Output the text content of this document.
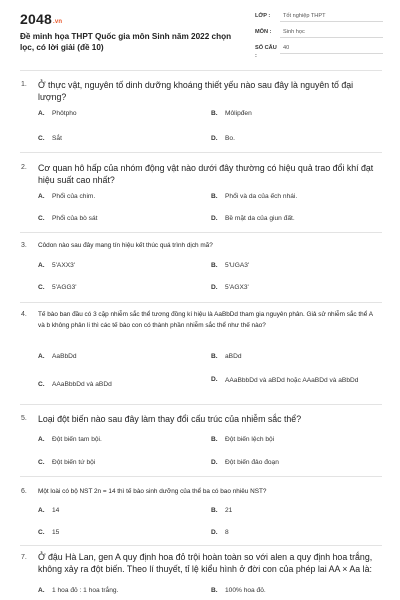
2048.vn
Đề minh họa THPT Quốc gia môn Sinh năm 2022 chọn lọc, có lời giải (đề 10)
LỚP :	Tốt nghiệp THPT
MÔN :	Sinh học
SỐ CÂU :
40
1. Ở thực vật, nguyên tố dinh dưỡng khoáng thiết yếu nào sau đây là nguyên tố đại lượng?
A. Phôtpho	B. Môlipđen
C. Sắt	D. Bo.
2. Cơ quan hô hấp của nhóm động vật nào dưới đây thường có hiệu quả trao đổi khí đạt hiệu suất cao nhất?
A. Phổi của chim.	B. Phổi và da của ếch nhái.
C. Phổi của bò sát	D. Bề mặt da của giun đất.
3. Côdon nào sau đây mang tín hiệu kết thúc quá trình dịch mã?
A. 5'AXX3'	B. 5'UGA3'
C. 5'AGG3'	D. 5'AGX3'
4. Tế bào ban đầu có 3 cặp nhiễm sắc thể tương đồng kí hiệu là AaBbDd tham gia nguyên phân. Giả sử nhiễm sắc thể A và b không phân li thì các tế bào con có thành phần nhiễm sắc thể như thế nào?
A. AaBbDd	B. aBDd
C. AAaBbbDd và aBDd
D. AAaBbbDd và aBDd hoặc AAaBDd và aBbDd
5. Loại đột biến nào sau đây làm thay đổi cấu trúc của nhiễm sắc thể?
A. Đột biến tam bội.	B. Đột biến lệch bội
C. Đột biến tứ bội	D. Đột biến đảo đoạn
6. Một loài có bộ NST 2n = 14 thì tế bào sinh dưỡng của thể ba có bao nhiêu NST?
A. 14	B. 21
C. 15	D. 8
7. Ở đậu Hà Lan, gen A quy định hoa đỏ trội hoàn toàn so với alen a quy định hoa trắng, không xảy ra đột biến. Theo lí thuyết, tỉ lệ kiểu hình ở đời con của phép lai AA × Aa là:
A. 1 hoa đỏ : 1 hoa trắng.	B. 100% hoa đỏ.
